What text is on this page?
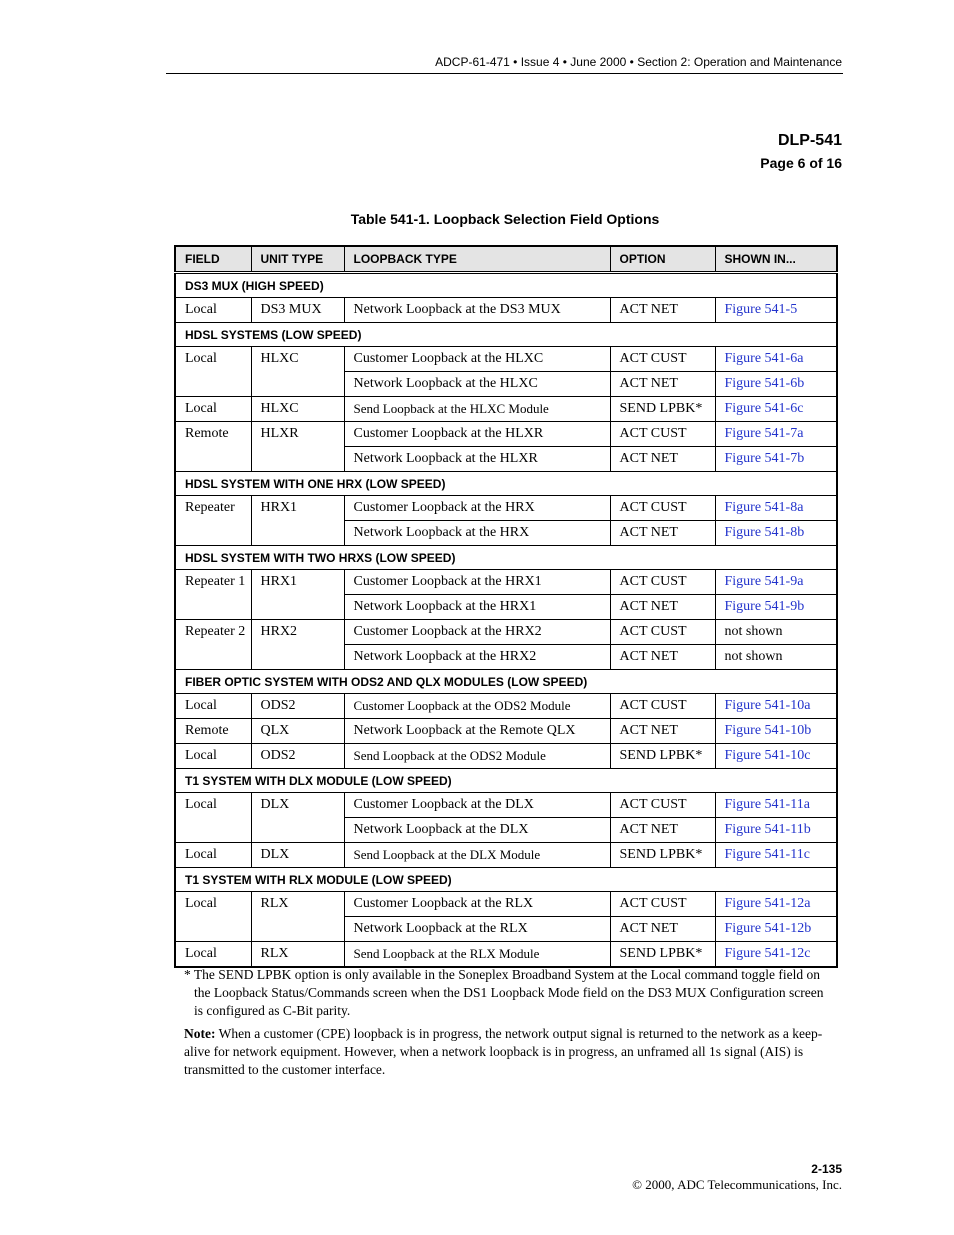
ADCP-61-471 • Issue 4 • June 2000 • Section 2: Operation and Maintenance
DLP-541
Page 6 of 16
Table 541-1. Loopback Selection Field Options
FIELD	UNIT TYPE	LOOPBACK TYPE	OPTION	SHOWN IN...
DS3 MUX (HIGH SPEED)				
Local	DS3 MUX	Network Loopback at the DS3 MUX	ACT NET	Figure 541-5
HDSL SYSTEMS (LOW SPEED)				
Local	HLXC	Customer Loopback at the HLXC	ACT CUST	Figure 541-6a
		Network Loopback at the HLXC	ACT NET	Figure 541-6b
Local	HLXC	Send Loopback at the HLXC Module	SEND LPBK*	Figure 541-6c
Remote	HLXR	Customer Loopback at the HLXR	ACT CUST	Figure 541-7a
		Network Loopback at the HLXR	ACT NET	Figure 541-7b
HDSL SYSTEM WITH ONE HRX (LOW SPEED)				
Repeater	HRX1	Customer Loopback at the HRX	ACT CUST	Figure 541-8a
		Network Loopback at the HRX	ACT NET	Figure 541-8b
HDSL SYSTEM WITH TWO HRXS (LOW SPEED)				
Repeater 1	HRX1	Customer Loopback at the HRX1	ACT CUST	Figure 541-9a
		Network Loopback at the HRX1	ACT NET	Figure 541-9b
Repeater 2	HRX2	Customer Loopback at the HRX2	ACT CUST	not shown
		Network Loopback at the HRX2	ACT NET	not shown
FIBER OPTIC SYSTEM WITH ODS2 AND QLX MODULES (LOW SPEED)				
Local	ODS2	Customer Loopback at the ODS2 Module	ACT CUST	Figure 541-10a
Remote	QLX	Network Loopback at the Remote QLX	ACT NET	Figure 541-10b
Local	ODS2	Send Loopback at the ODS2 Module	SEND LPBK*	Figure 541-10c
T1 SYSTEM WITH DLX MODULE (LOW SPEED)				
Local	DLX	Customer Loopback at the DLX	ACT CUST	Figure 541-11a
		Network Loopback at the DLX	ACT NET	Figure 541-11b
Local	DLX	Send Loopback at the DLX Module	SEND LPBK*	Figure 541-11c
T1 SYSTEM WITH RLX MODULE (LOW SPEED)				
Local	RLX	Customer Loopback at the RLX	ACT CUST	Figure 541-12a
		Network Loopback at the RLX	ACT NET	Figure 541-12b
Local	RLX	Send Loopback at the RLX Module	SEND LPBK*	Figure 541-12c
* The SEND LPBK option is only available in the Soneplex Broadband System at the Local command toggle field on the Loopback Status/Commands screen when the DS1 Loopback Mode field on the DS3 MUX Configuration screen is configured as C-Bit parity.
Note: When a customer (CPE) loopback is in progress, the network output signal is returned to the network as a keep-alive for network equipment. However, when a network loopback is in progress, an unframed all 1s signal (AIS) is transmitted to the customer interface.
2-135
© 2000, ADC Telecommunications, Inc.
